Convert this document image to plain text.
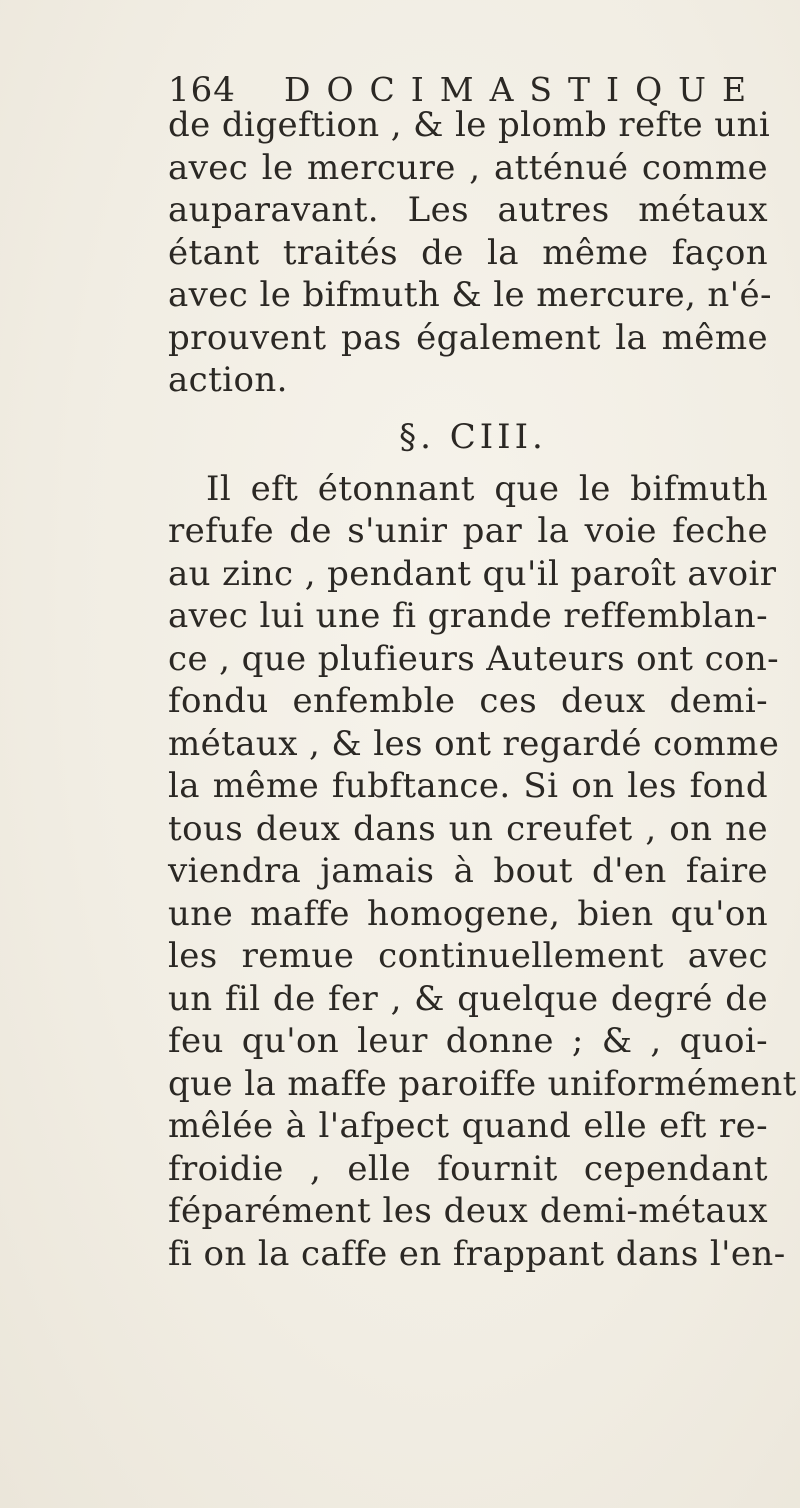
164 DOCIMASTIQUE
de digeftion , & le plomb refte uni
avec le mercure , atténué comme
auparavant. Les autres métaux
étant traités de la même façon
avec le bifmuth & le mercure, n'é-
prouvent pas également la même
action.
§. CIII.
Il eft étonnant que le bifmuth
refufe de s'unir par la voie feche
au zinc , pendant qu'il paroît avoir
avec lui une fi grande reffemblan-
ce , que plufieurs Auteurs ont con-
fondu enfemble ces deux demi-
métaux , & les ont regardé comme
la même fubftance. Si on les fond
tous deux dans un creufet , on ne
viendra jamais à bout d'en faire
une maffe homogene, bien qu'on
les remue continuellement avec
un fil de fer , & quelque degré de
feu qu'on leur donne ; & , quoi-
que la maffe paroiffe uniformément
mêlée à l'afpect quand elle eft re-
froidie , elle fournit cependant
féparément les deux demi-métaux
fi on la caffe en frappant dans l'en-
